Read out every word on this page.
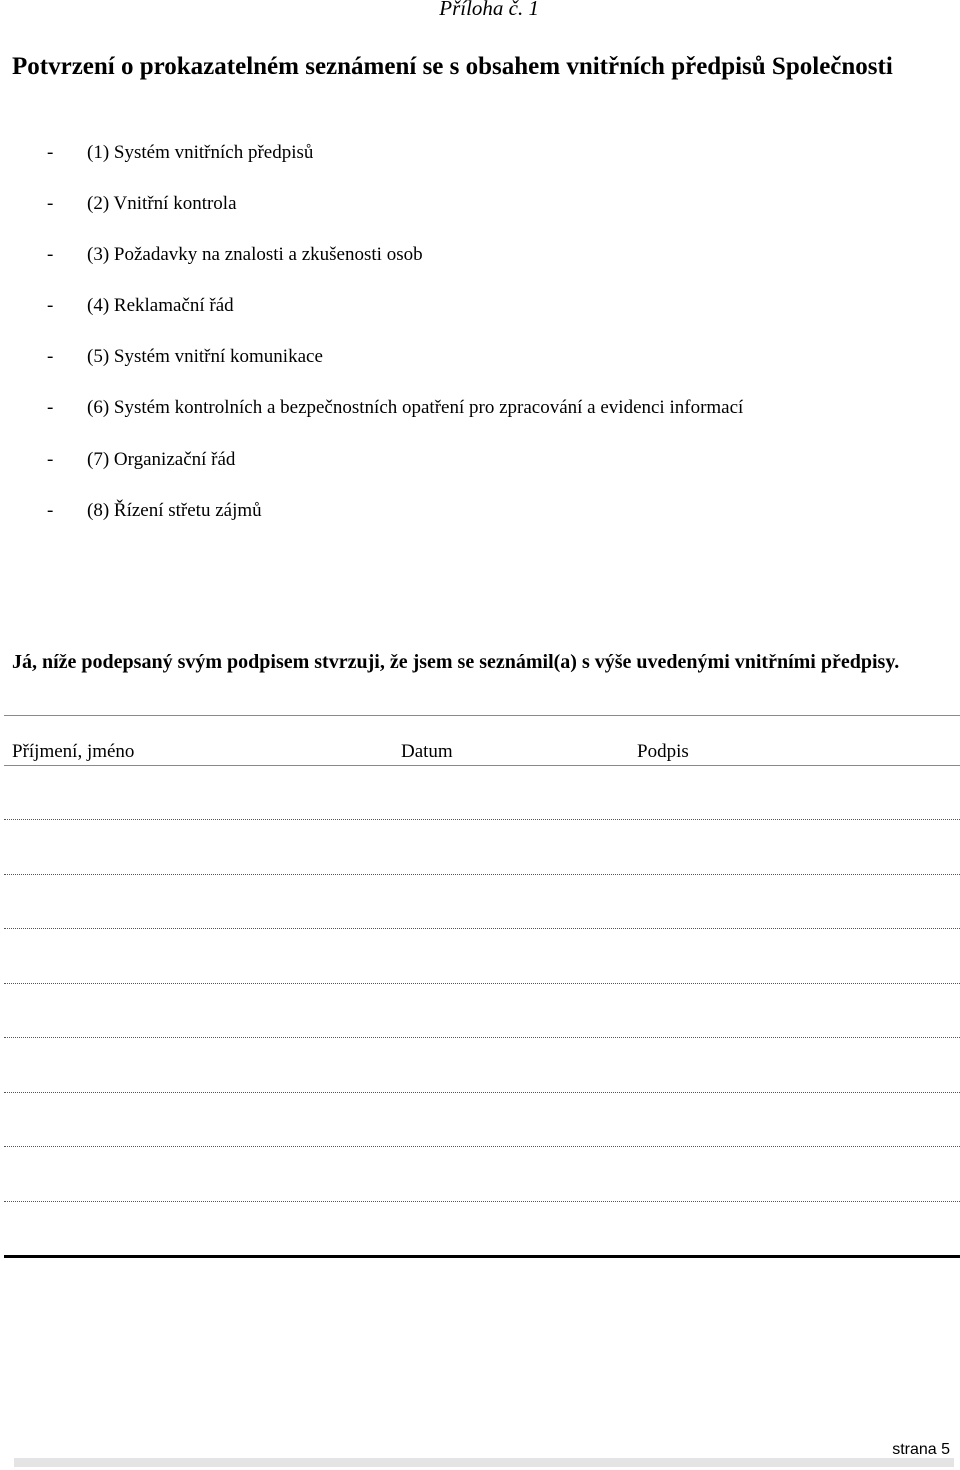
Příloha č. 1
Potvrzení o prokazatelném seznámení se s obsahem vnitřních předpisů Společnosti
- (1) Systém vnitřních předpisů
- (2) Vnitřní kontrola
- (3) Požadavky na znalosti a zkušenosti osob
- (4) Reklamační řád
- (5) Systém vnitřní komunikace
- (6) Systém kontrolních a bezpečnostních opatření pro zpracování a evidenci informací
- (7) Organizační řád
- (8) Řízení střetu zájmů

Já, níže podepsaný svým podpisem stvrzuji, že jsem se seznámil(a) s výše uvedenými vnitřními předpisy.

Příjmení, jméno	Datum	Podpis
strana 5
